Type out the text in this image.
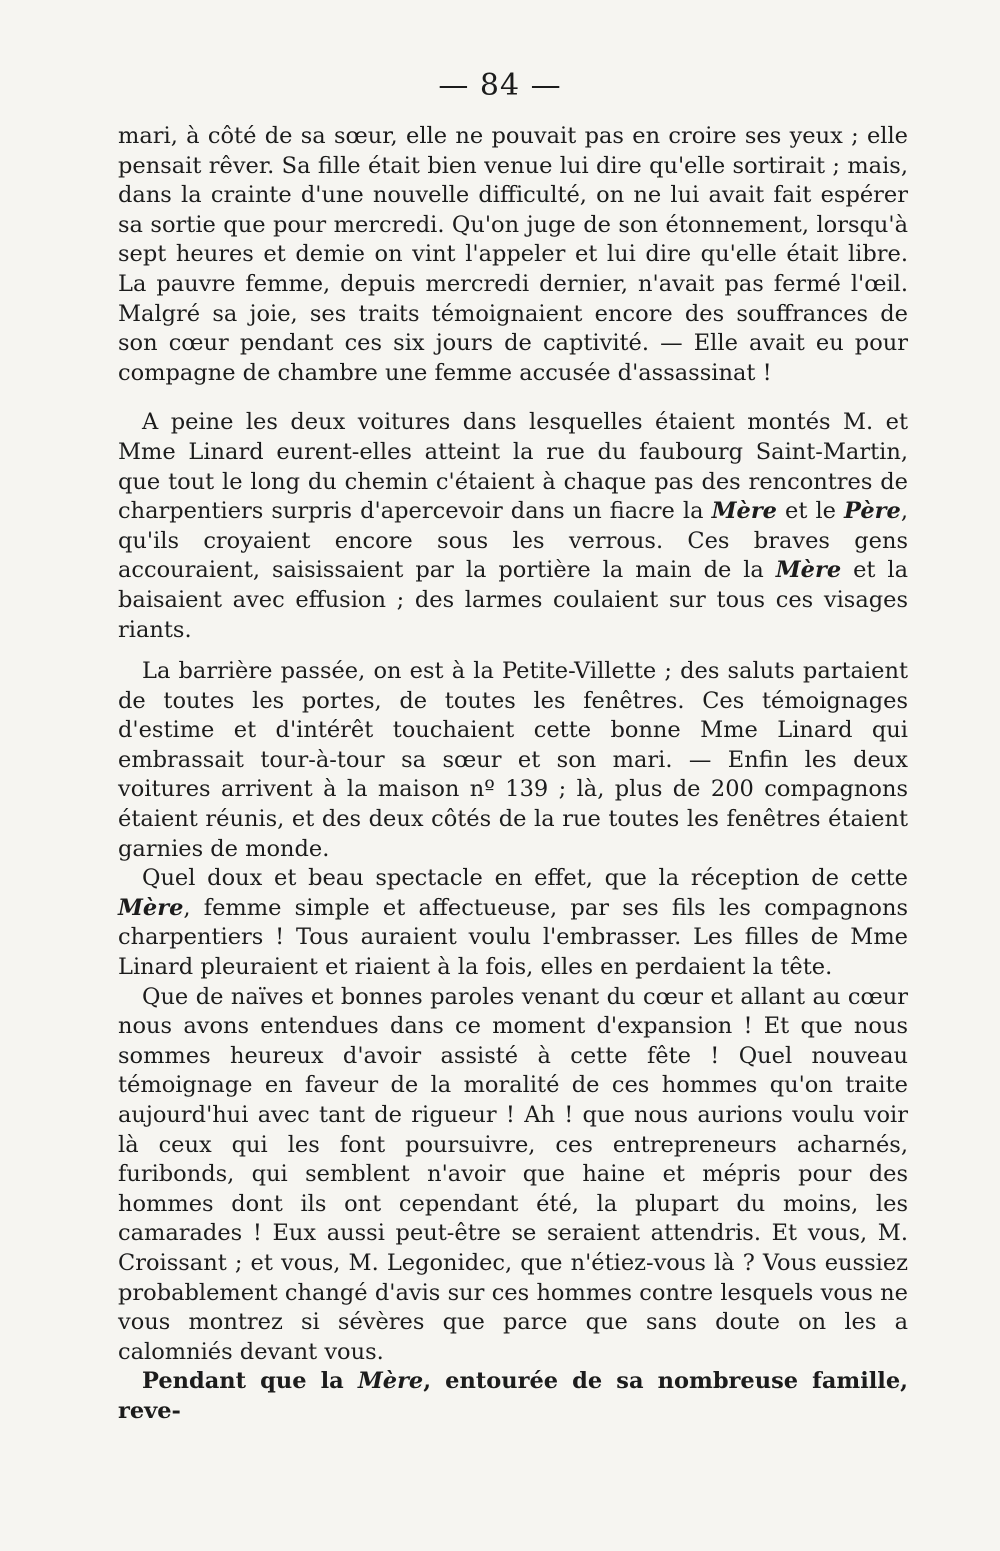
— 84 —

mari, à côté de sa sœur, elle ne pouvait pas en croire ses yeux ; elle pensait rêver. Sa fille était bien venue lui dire qu'elle sortirait ; mais, dans la crainte d'une nouvelle difficulté, on ne lui avait fait espérer sa sortie que pour mercredi. Qu'on juge de son étonnement, lorsqu'à sept heures et demie on vint l'appeler et lui dire qu'elle était libre. La pauvre femme, depuis mercredi dernier, n'avait pas fermé l'œil. Malgré sa joie, ses traits témoignaient encore des souffrances de son cœur pendant ces six jours de captivité. — Elle avait eu pour compagne de chambre une femme accusée d'assassinat !

A peine les deux voitures dans lesquelles étaient montés M. et Mme Linard eurent-elles atteint la rue du faubourg Saint-Martin, que tout le long du chemin c'étaient à chaque pas des rencontres de charpentiers surpris d'apercevoir dans un fiacre la Mère et le Père, qu'ils croyaient encore sous les verrous. Ces braves gens accouraient, saisissaient par la portière la main de la Mère et la baisaient avec effusion ; des larmes coulaient sur tous ces visages riants.

La barrière passée, on est à la Petite-Villette ; des saluts partaient de toutes les portes, de toutes les fenêtres. Ces témoignages d'estime et d'intérêt touchaient cette bonne Mme Linard qui embrassait tour-à-tour sa sœur et son mari. — Enfin les deux voitures arrivent à la maison nº 139 ; là, plus de 200 compagnons étaient réunis, et des deux côtés de la rue toutes les fenêtres étaient garnies de monde.

Quel doux et beau spectacle en effet, que la réception de cette Mère, femme simple et affectueuse, par ses fils les compagnons charpentiers ! Tous auraient voulu l'embrasser. Les filles de Mme Linard pleuraient et riaient à la fois, elles en perdaient la tête.

Que de naïves et bonnes paroles venant du cœur et allant au cœur nous avons entendues dans ce moment d'expansion ! Et que nous sommes heureux d'avoir assisté à cette fête ! Quel nouveau témoignage en faveur de la moralité de ces hommes qu'on traite aujourd'hui avec tant de rigueur ! Ah ! que nous aurions voulu voir là ceux qui les font poursuivre, ces entrepreneurs acharnés, furibonds, qui semblent n'avoir que haine et mépris pour des hommes dont ils ont cependant été, la plupart du moins, les camarades ! Eux aussi peut-être se seraient attendris. Et vous, M. Croissant ; et vous, M. Legonidec, que n'étiez-vous là ? Vous eussiez probablement changé d'avis sur ces hommes contre lesquels vous ne vous montrez si sévères que parce que sans doute on les a calomniés devant vous.

Pendant que la Mère, entourée de sa nombreuse famille, reve-
